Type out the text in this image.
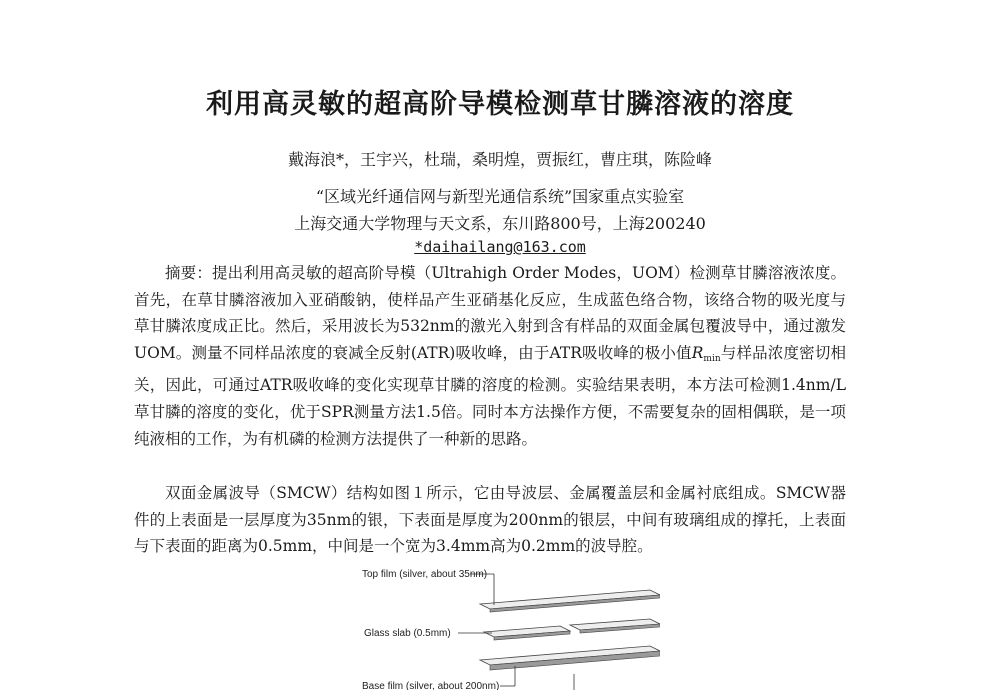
利用高灵敏的超高阶导模检测草甘膦溶液的溶度
戴海浪*，王宇兴，杜瑞，桑明煌，贾振红，曹庄琪，陈险峰
“区域光纤通信网与新型光通信系统”国家重点实验室
上海交通大学物理与天文系，东川路800号，上海200240
*daihailang@163.com

摘要：提出利用高灵敏的超高阶导模（Ultrahigh Order Modes，UOM）检测草甘膦溶液浓度。首先，在草甘膦溶液加入亚硝酸钠，使样品产生亚硝基化反应，生成蓝色络合物，该络合物的吸光度与草甘膦浓度成正比。然后，采用波长为532nm的激光入射到含有样品的双面金属包覆波导中，通过激发UOM。测量不同样品浓度的衰减全反射(ATR)吸收峰，由于ATR吸收峰的极小值$R_{min}$与样品浓度密切相关，因此，可通过ATR吸收峰的变化实现草甘膦的溶度的检测。实验结果表明，本方法可检测1.4nm/L草甘膦的溶度的变化，优于SPR测量方法1.5倍。同时本方法操作方便，不需要复杂的固相偶联，是一项纯液相的工作，为有机磷的检测方法提供了一种新的思路。

双面金属波导（SMCW）结构如图１所示，它由导波层、金属覆盖层和金属衬底组成。SMCW器件的上表面是一层厚度为35nm的银，下表面是厚度为200nm的银层，中间有玻璃组成的撑托，上表面与下表面的距离为0.5mm，中间是一个宽为3.4mm高为0.2mm的波导腔。

Top film (silver, about 35nm)
Glass slab (0.5mm)
Base film (silver, about 200nm)
